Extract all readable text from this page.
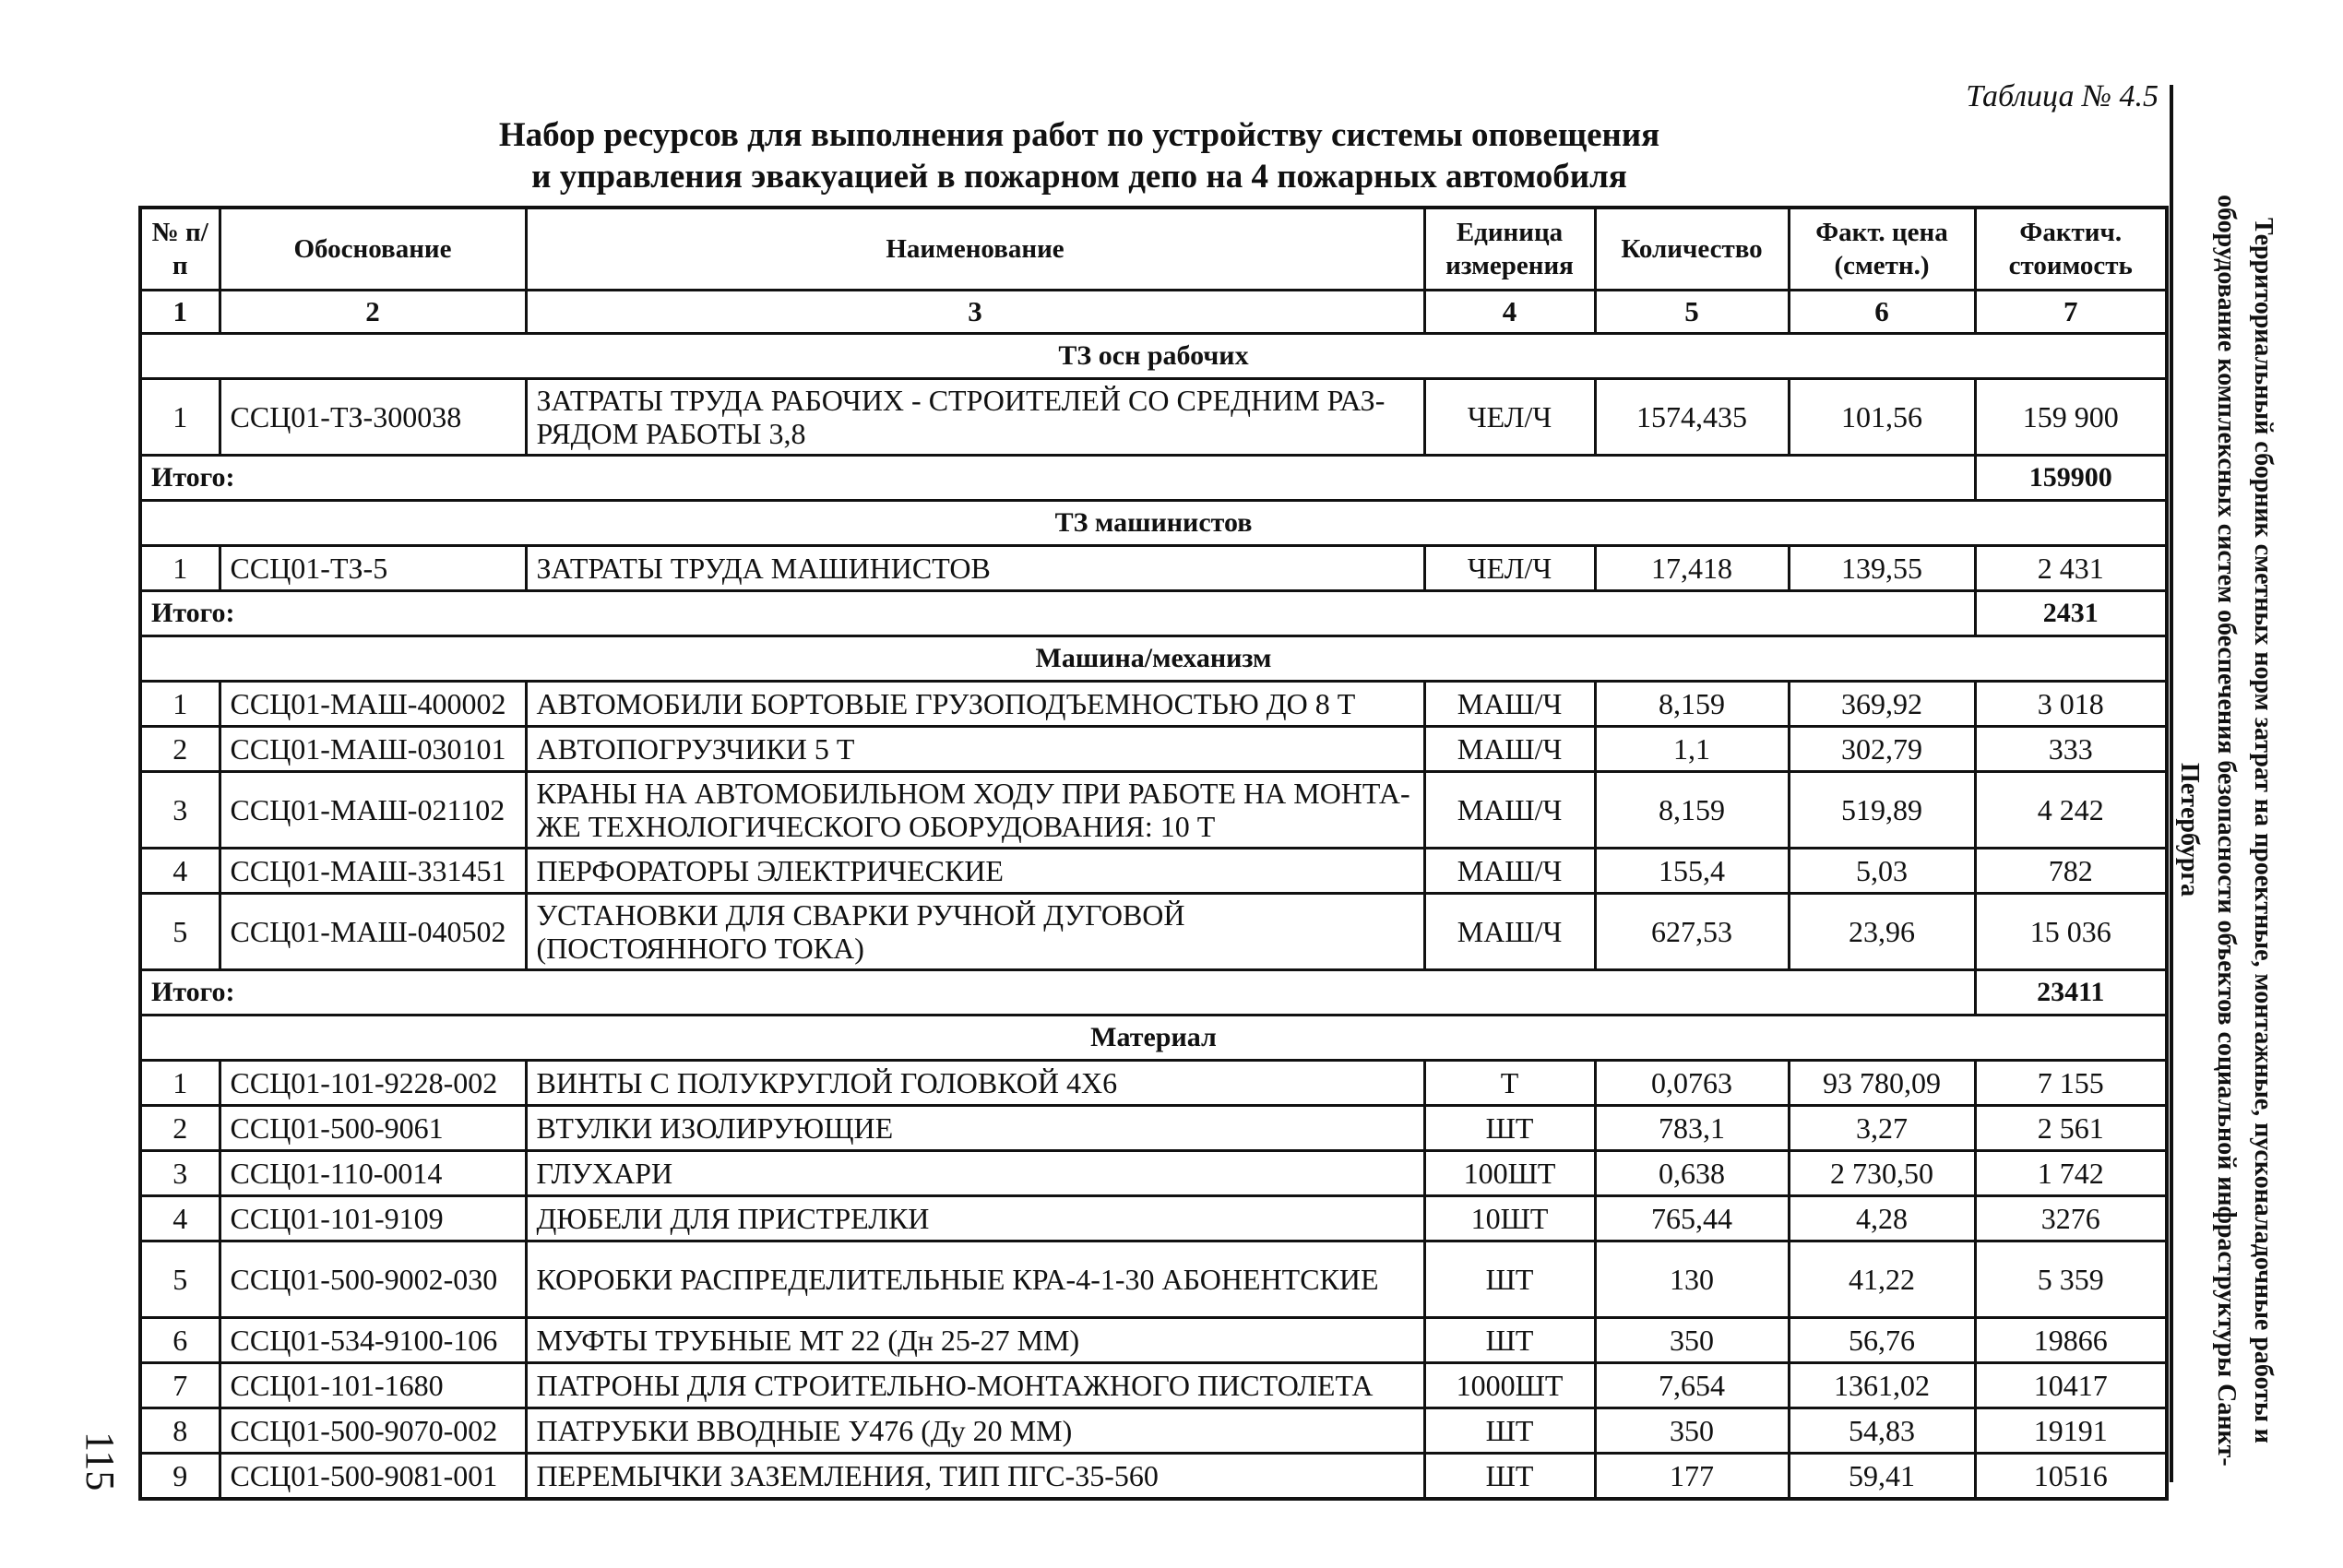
Таблица № 4.5
Набор ресурсов для выполнения работ по устройству системы оповещения
и управления эвакуацией в пожарном депо на 4 пожарных автомобиля
Территориальный сборник сметных норм затрат на проектные, монтажные, пусконаладочные работы и оборудование комплексных систем обеспечения безопасности объектов социальной инфраструктуры Санкт-Петербурга
115
№ п/п	Обоснование	Наименование	Единица измерения	Количество	Факт. цена (сметн.)	Фактич. стоимость
1	2	3	4	5	6	7
ТЗ осн рабочих						
1	ССЦ01-ТЗ-300038	ЗАТРАТЫ ТРУДА РАБОЧИХ - СТРОИТЕЛЕЙ СО СРЕДНИМ РАЗ-РЯДОМ РАБОТЫ 3,8	ЧЕЛ/Ч	1574,435	101,56	159 900
Итого:						159900
ТЗ машинистов						
1	ССЦ01-ТЗ-5	ЗАТРАТЫ ТРУДА МАШИНИСТОВ	ЧЕЛ/Ч	17,418	139,55	2 431
Итого:						2431
Машина/механизм						
1	ССЦ01-МАШ-400002	АВТОМОБИЛИ БОРТОВЫЕ ГРУЗОПОДЪЕМНОСТЬЮ ДО 8 Т	МАШ/Ч	8,159	369,92	3 018
2	ССЦ01-МАШ-030101	АВТОПОГРУЗЧИКИ 5 Т	МАШ/Ч	1,1	302,79	333
3	ССЦ01-МАШ-021102	КРАНЫ НА АВТОМОБИЛЬНОМ ХОДУ ПРИ РАБОТЕ НА МОНТА-ЖЕ ТЕХНОЛОГИЧЕСКОГО ОБОРУДОВАНИЯ: 10 Т	МАШ/Ч	8,159	519,89	4 242
4	ССЦ01-МАШ-331451	ПЕРФОРАТОРЫ ЭЛЕКТРИЧЕСКИЕ	МАШ/Ч	155,4	5,03	782
5	ССЦ01-МАШ-040502	УСТАНОВКИ ДЛЯ СВАРКИ РУЧНОЙ ДУГОВОЙ (ПОСТОЯННОГО ТОКА)	МАШ/Ч	627,53	23,96	15 036
Итого:						23411
Материал						
1	ССЦ01-101-9228-002	ВИНТЫ С ПОЛУКРУГЛОЙ ГОЛОВКОЙ 4Х6	Т	0,0763	93 780,09	7 155
2	ССЦ01-500-9061	ВТУЛКИ ИЗОЛИРУЮЩИЕ	ШТ	783,1	3,27	2 561
3	ССЦ01-110-0014	ГЛУХАРИ	100ШТ	0,638	2 730,50	1 742
4	ССЦ01-101-9109	ДЮБЕЛИ ДЛЯ ПРИСТРЕЛКИ	10ШТ	765,44	4,28	3276
5	ССЦ01-500-9002-030	КОРОБКИ РАСПРЕДЕЛИТЕЛЬНЫЕ КРА-4-1-30 АБОНЕНТСКИЕ	ШТ	130	41,22	5 359
6	ССЦ01-534-9100-106	МУФТЫ ТРУБНЫЕ МТ 22 (Дн 25-27 ММ)	ШТ	350	56,76	19866
7	ССЦ01-101-1680	ПАТРОНЫ ДЛЯ СТРОИТЕЛЬНО-МОНТАЖНОГО ПИСТОЛЕТА	1000ШТ	7,654	1361,02	10417
8	ССЦ01-500-9070-002	ПАТРУБКИ ВВОДНЫЕ У476 (Ду 20 ММ)	ШТ	350	54,83	19191
9	ССЦ01-500-9081-001	ПЕРЕМЫЧКИ ЗАЗЕМЛЕНИЯ, ТИП ПГС-35-560	ШТ	177	59,41	10516
